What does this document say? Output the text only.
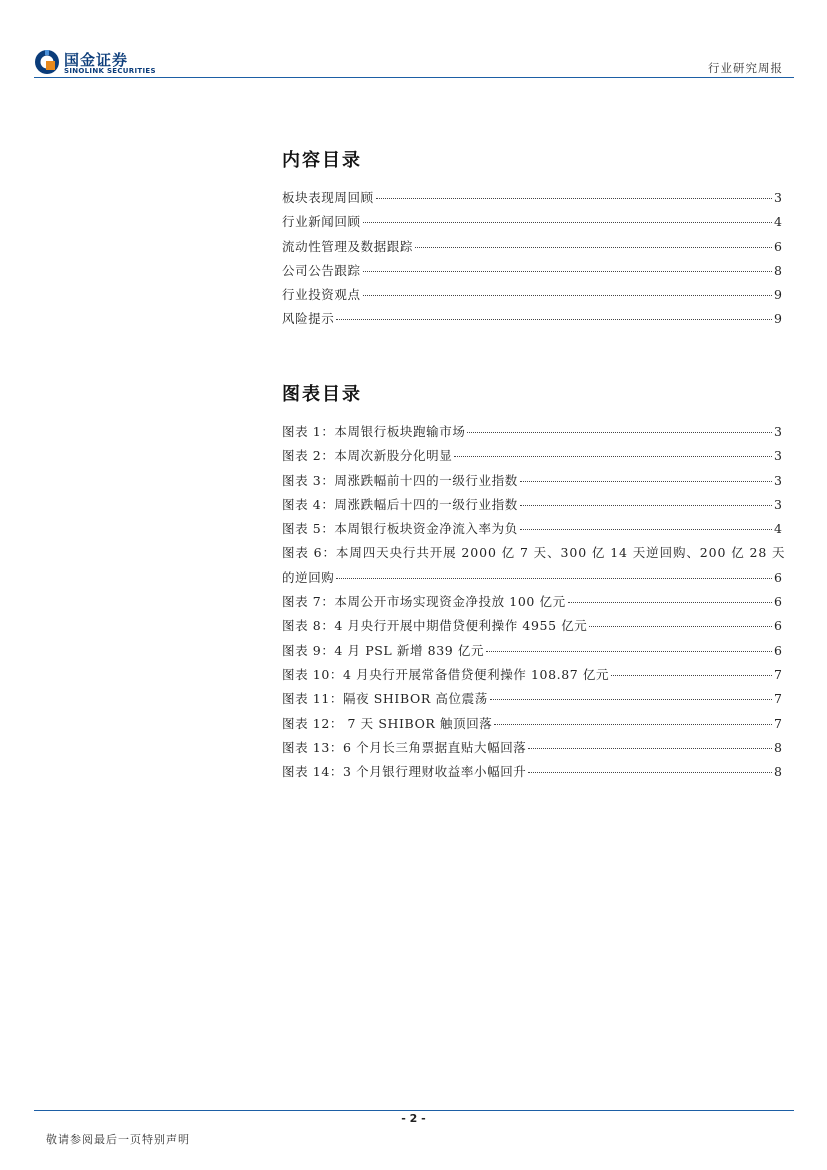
国金证券
SINOLINK SECURITIES	行业研究周报
内容目录
板块表现周回顾	3
行业新闻回顾	4
流动性管理及数据跟踪	6
公司公告跟踪	8
行业投资观点	9
风险提示	9
图表目录
图表 1：本周银行板块跑输市场	3
图表 2：本周次新股分化明显	3
图表 3：周涨跌幅前十四的一级行业指数	3
图表 4：周涨跌幅后十四的一级行业指数	3
图表 5：本周银行板块资金净流入率为负	4
图表 6：本周四天央行共开展 2000 亿 7 天、300 亿 14 天逆回购、200 亿 28 天
的逆回购	6
图表 7：本周公开市场实现资金净投放 100 亿元	6
图表 8：4 月央行开展中期借贷便利操作 4955 亿元	6
图表 9：4 月 PSL 新增 839 亿元	6
图表 10：4 月央行开展常备借贷便利操作 108.87 亿元	7
图表 11：隔夜 SHIBOR 高位震荡	7
图表 12： 7 天 SHIBOR 触顶回落	7
图表 13：6 个月长三角票据直贴大幅回落	8
图表 14：3 个月银行理财收益率小幅回升	8
- 2 -
敬请参阅最后一页特别声明
